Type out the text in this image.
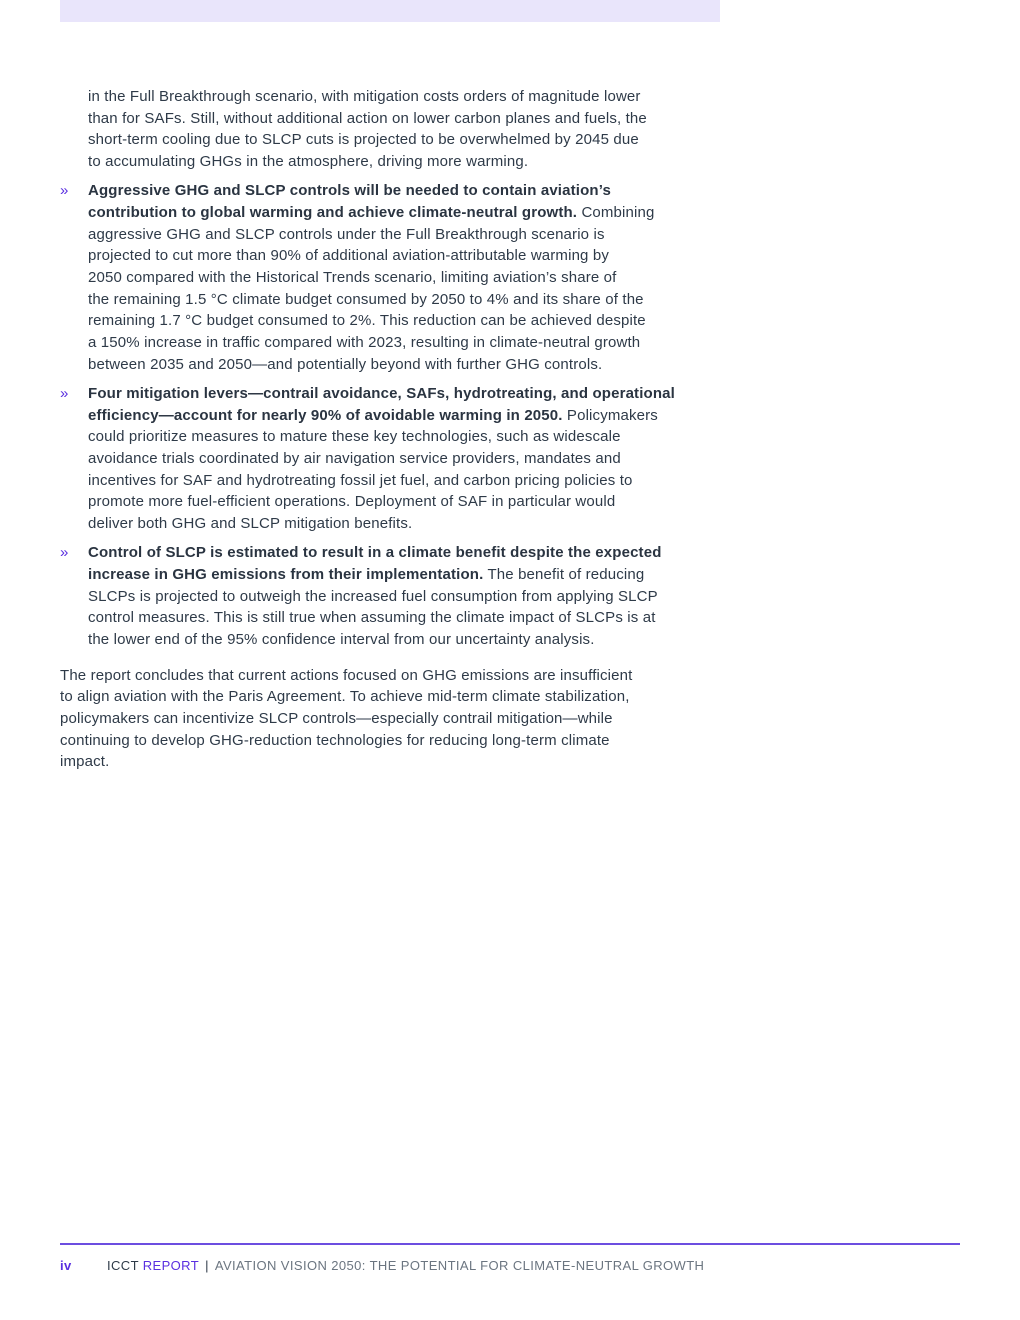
in the Full Breakthrough scenario, with mitigation costs orders of magnitude lower
than for SAFs. Still, without additional action on lower carbon planes and fuels, the
short-term cooling due to SLCP cuts is projected to be overwhelmed by 2045 due
to accumulating GHGs in the atmosphere, driving more warming.
» Aggressive GHG and SLCP controls will be needed to contain aviation’s
contribution to global warming and achieve climate-neutral growth. Combining
aggressive GHG and SLCP controls under the Full Breakthrough scenario is
projected to cut more than 90% of additional aviation-attributable warming by
2050 compared with the Historical Trends scenario, limiting aviation’s share of
the remaining 1.5 °C climate budget consumed by 2050 to 4% and its share of the
remaining 1.7 °C budget consumed to 2%. This reduction can be achieved despite
a 150% increase in traffic compared with 2023, resulting in climate-neutral growth
between 2035 and 2050—and potentially beyond with further GHG controls.
» Four mitigation levers—contrail avoidance, SAFs, hydrotreating, and operational
efficiency—account for nearly 90% of avoidable warming in 2050. Policymakers
could prioritize measures to mature these key technologies, such as widescale
avoidance trials coordinated by air navigation service providers, mandates and
incentives for SAF and hydrotreating fossil jet fuel, and carbon pricing policies to
promote more fuel-efficient operations. Deployment of SAF in particular would
deliver both GHG and SLCP mitigation benefits.
» Control of SLCP is estimated to result in a climate benefit despite the expected
increase in GHG emissions from their implementation. The benefit of reducing
SLCPs is projected to outweigh the increased fuel consumption from applying SLCP
control measures. This is still true when assuming the climate impact of SLCPs is at
the lower end of the 95% confidence interval from our uncertainty analysis.
The report concludes that current actions focused on GHG emissions are insufficient
to align aviation with the Paris Agreement. To achieve mid-term climate stabilization,
policymakers can incentivize SLCP controls—especially contrail mitigation—while
continuing to develop GHG-reduction technologies for reducing long-term climate
impact.
iv	ICCT REPORT | AVIATION VISION 2050: THE POTENTIAL FOR CLIMATE-NEUTRAL GROWTH
